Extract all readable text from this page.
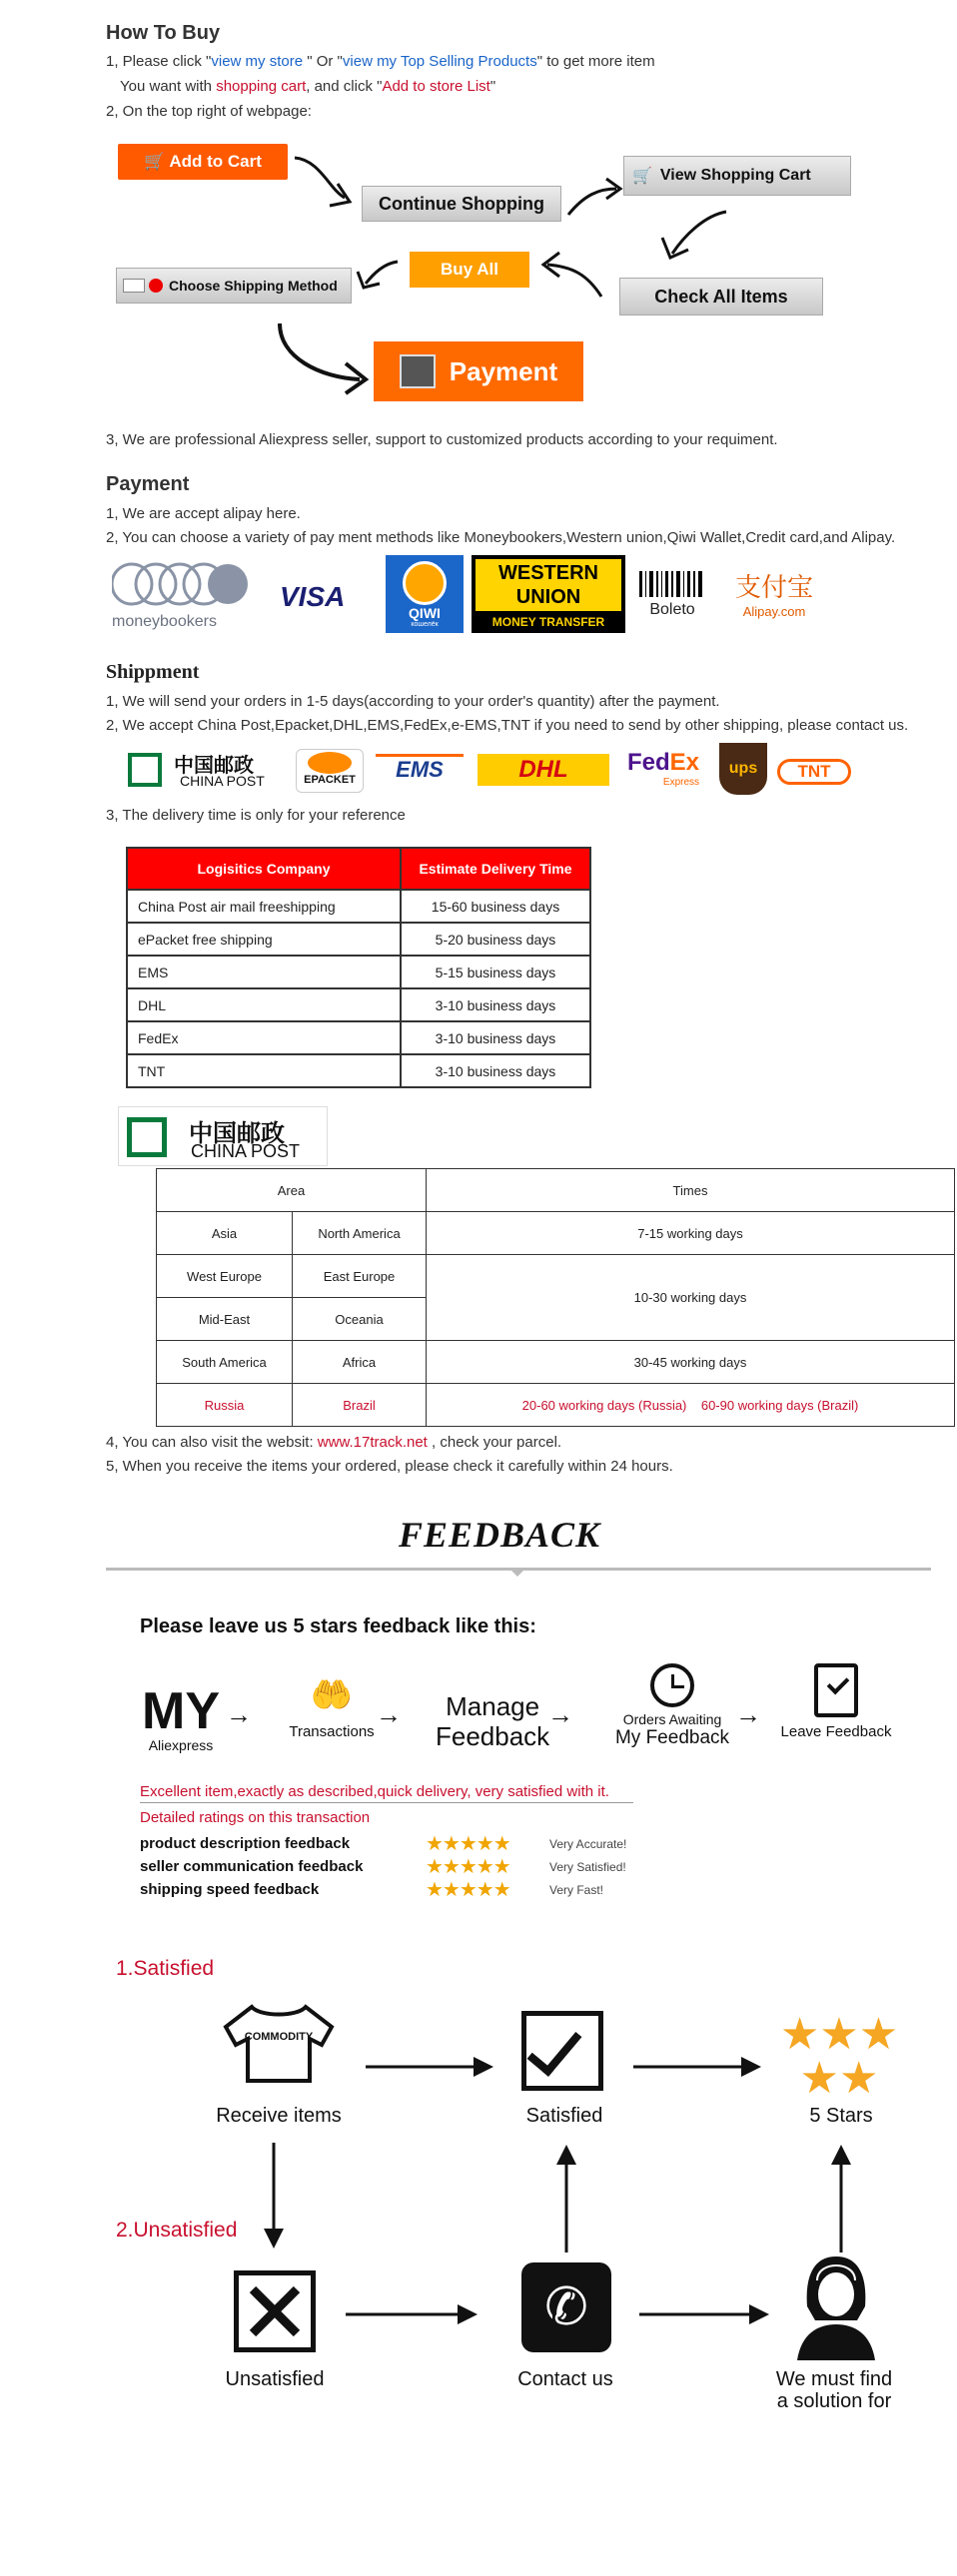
How To Buy
1, Please click "view my store " Or "view my Top Selling Products" to get more item
You want with shopping cart, and click "Add to store List"
2, On the top right of webpage:
🛒 Add to Cart
Continue Shopping
🛒 View Shopping Cart
Check All Items
Buy All
Choose Shipping Method
Payment
3, We are professional Aliexpress seller, support to customized products according to your requiment.
Payment
1, We are accept alipay here.
2, You can choose a variety of pay ment methods like Moneybookers,Western union,Qiwi Wallet,Credit card,and Alipay.
moneybookers
VISA
QIWI
кошелёк
WESTERN
UNION
MONEY TRANSFER
Boleto
支付宝
Alipay.com
Shippment
1, We will send your orders in 1-5 days(according to your order's quantity) after the payment.
2, We accept China Post,Epacket,DHL,EMS,FedEx,e-EMS,TNT if you need to send by other shipping, please contact us.
中国邮政
CHINA POST	EPACKET	EMS	DHL	FedEx
Express
ups	TNT
3, The delivery time is only for your reference
Logisitics Company	Estimate Delivery Time
China Post air mail freeshipping	15-60 business days
ePacket free shipping	5-20 business days
EMS	5-15 business days
DHL	3-10 business days
FedEx	3-10 business days
TNT	3-10 business days
中国邮政
CHINA POST
Area		Times
Asia	North America	7-15 working days
West Europe	East Europe	10-30 working days
Mid-East	Oceania	
South America	Africa	30-45 working days
Russia	Brazil	20-60 working days (Russia)    60-90 working days (Brazil)
4, You can also visit the websit: www.17track.net , check your parcel.
5, When you receive the items your ordered, please check it carefully within 24 hours.
FEEDBACK
Please leave us 5 stars feedback like this:
MY
Aliexpress
→	🤲
Transactions
→	Manage
Feedback
→	Orders Awaiting
My Feedback
→
Leave Feedback
Excellent item,exactly as described,quick delivery, very satisfied with it.
Detailed ratings on this transaction
product description feedback	★★★★★	Very Accurate!
seller communication feedback	★★★★★	Very Satisfied!
shipping speed feedback	★★★★★	Very Fast!
1.Satisfied
COMMODITY
Receive items	Satisfied
★★★
★★
5 Stars
2.Unsatisfied
Unsatisfied
✆
Contact us	We must find
a solution for
